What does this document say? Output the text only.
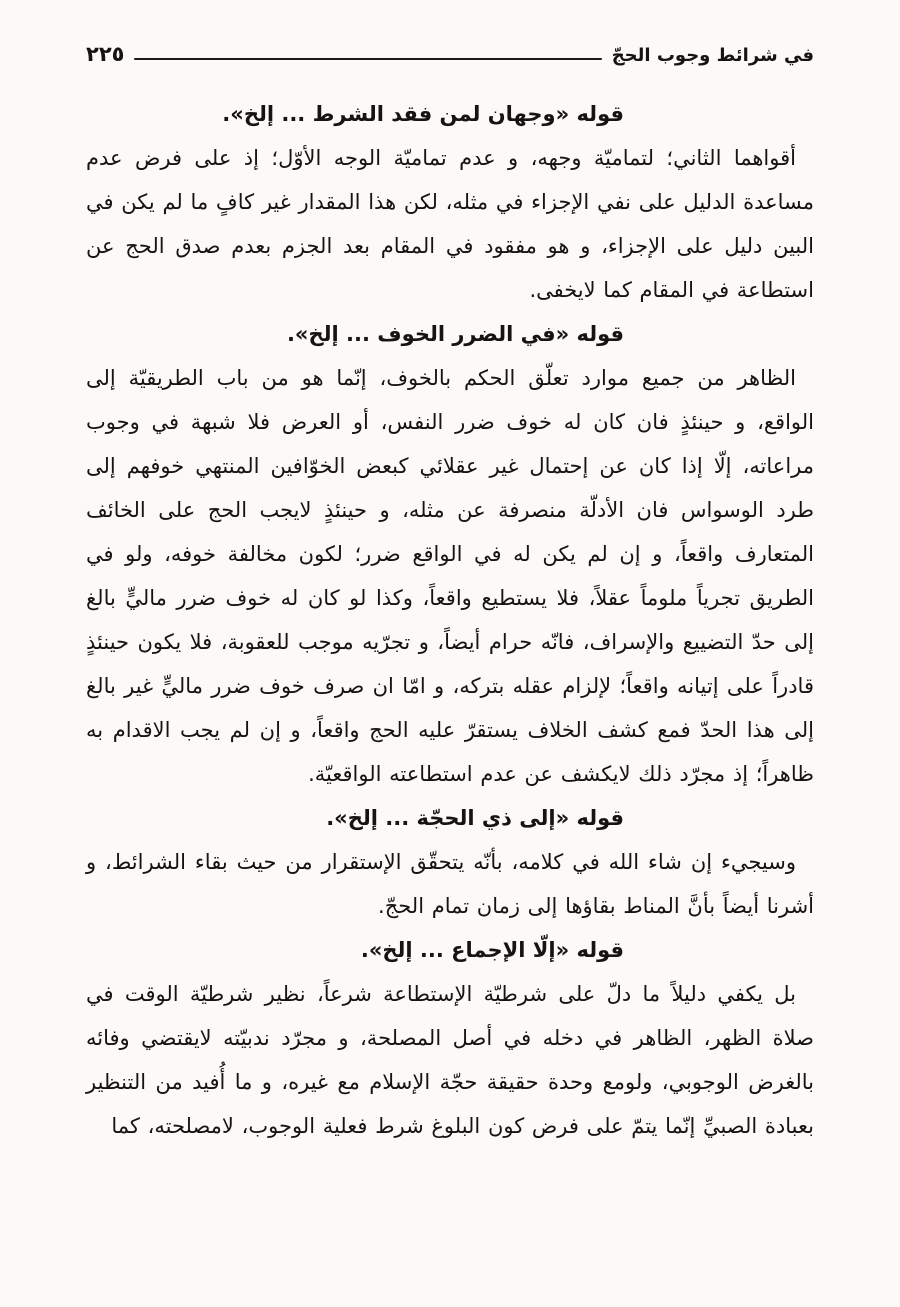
في شرائط وجوب الحجّ
٢٢٥
قوله «وجهان لمن فقد الشرط ... إلخ».

أقواهما الثاني؛ لتماميّة وجهه، و عدم تماميّة الوجه الأوّل؛ إذ على فرض عدم مساعدة الدليل على نفي الإجزاء في مثله، لكن هذا المقدار غير كافٍ ما لم يكن في البين دليل على الإجزاء، و هو مفقود في المقام بعد الجزم بعدم صدق الحج عن استطاعة في المقام كما لايخفى.

قوله «في الضرر الخوف ... إلخ».

الظاهر من جميع موارد تعلّق الحكم بالخوف، إنّما هو من باب الطريقيّة إلى الواقع، و حينئذٍ فان كان له خوف ضرر النفس، أو العرض فلا شبهة في وجوب مراعاته، إلّا إذا كان عن إحتمال غير عقلائي كبعض الخوّافين المنتهي خوفهم إلى طرد الوسواس فان الأدلّة منصرفة عن مثله، و حينئذٍ لايجب الحج على الخائف المتعارف واقعاً، و إن لم يكن له في الواقع ضرر؛ لكون مخالفة خوفه، ولو في الطريق تجرياً ملوماً عقلاً، فلا يستطيع واقعاً، وكذا لو كان له خوف ضرر ماليٍّ بالغ إلى حدّ التضييع والإسراف، فانّه حرام أيضاً، و تجرّيه موجب للعقوبة، فلا يكون حينئذٍ قادراً على إتيانه واقعاً؛ لإلزام عقله بتركه، و امّا ان صرف خوف ضرر ماليٍّ غير بالغ إلى هذا الحدّ فمع كشف الخلاف يستقرّ عليه الحج واقعاً، و إن لم يجب الاقدام به ظاهراً؛ إذ مجرّد ذلك لايكشف عن عدم استطاعته الواقعيّة.

قوله «إلى ذي الحجّة ... إلخ».

وسيجيء إن شاء الله في كلامه، بأنّه يتحقّق الإستقرار من حيث بقاء الشرائط، و أشرنا أيضاً بأنَّ المناط بقاؤها إلى زمان تمام الحجّ.

قوله «إلّا الإجماع ... إلخ».

بل يكفي دليلاً ما دلّ على شرطيّة الإستطاعة شرعاً، نظير شرطيّة الوقت في صلاة الظهر، الظاهر في دخله في أصل المصلحة، و مجرّد ندبيّته لايقتضي وفائه بالغرض الوجوبي، ولومع وحدة حقيقة حجّة الإسلام مع غيره، و ما أُفيد من التنظير بعبادة الصبيِّ إنّما يتمّ على فرض كون البلوغ شرط فعلية الوجوب، لامصلحته، كما
